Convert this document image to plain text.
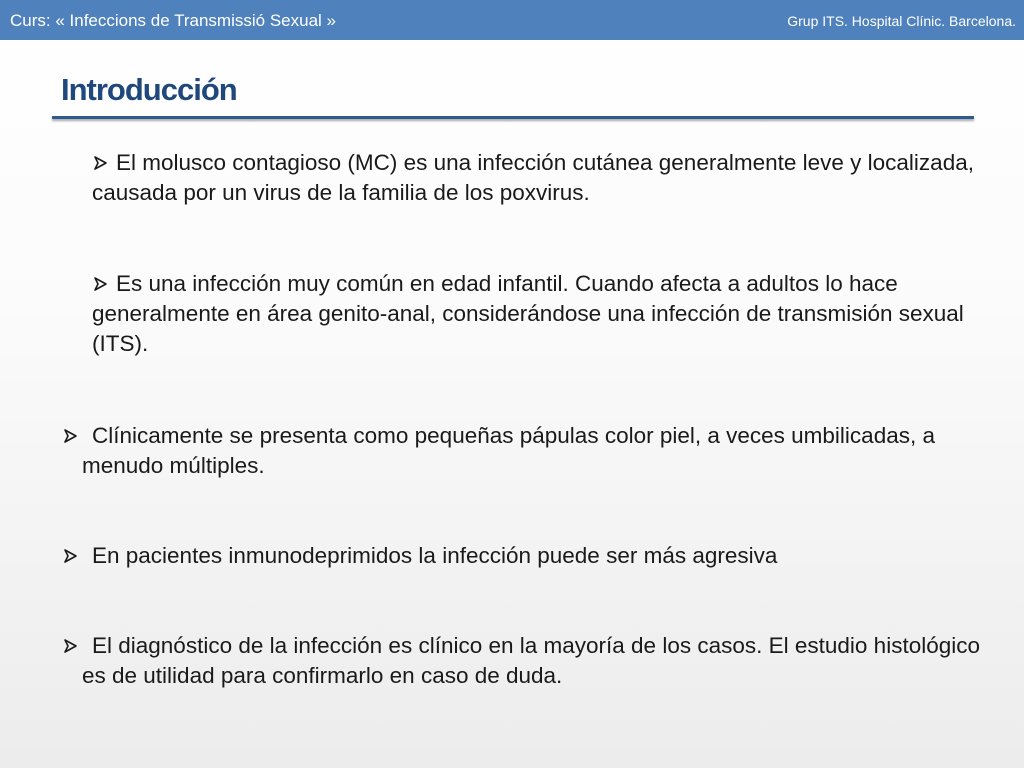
Curs: « Infeccions de Transmissió Sexual »	Grup ITS. Hospital Clínic. Barcelona.
Introducción

El molusco contagioso (MC) es una infección cutánea generalmente leve y localizada, causada por un virus de la familia de los poxvirus.

Es una infección muy común en edad infantil. Cuando afecta a adultos lo hace generalmente en área genito-anal, considerándose una infección de transmisión sexual (ITS).

Clínicamente se presenta como pequeñas pápulas color piel, a veces umbilicadas, a menudo múltiples.

En pacientes inmunodeprimidos la infección puede ser más agresiva

El diagnóstico de la infección es clínico en la mayoría de los casos. El estudio histológico es de utilidad para confirmarlo en caso de duda.
